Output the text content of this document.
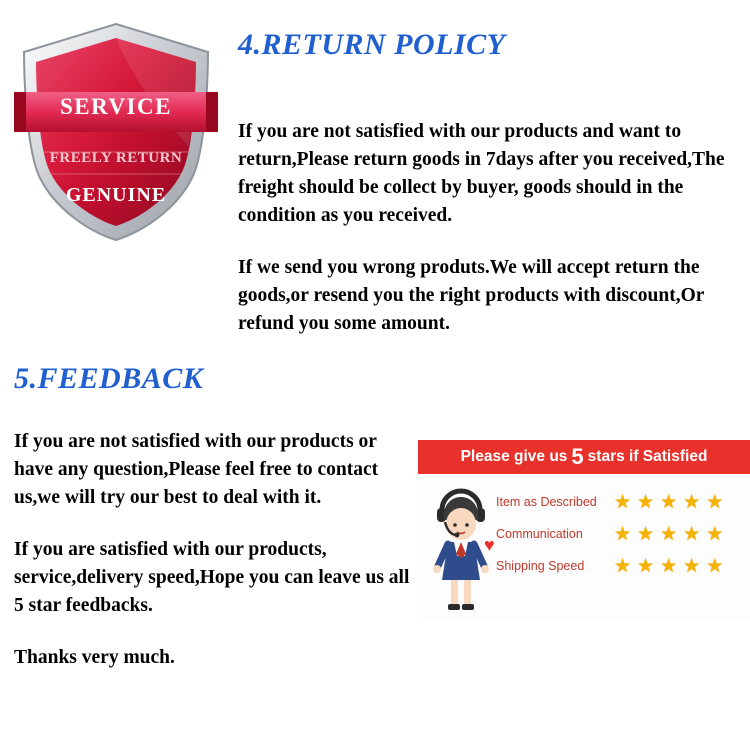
SERVICE
FREELY RETURN
GENUINE
4.RETURN POLICY

If you are not satisfied with our products and want to return,Please return goods in 7days after you received,The freight should be collect by buyer, goods should in the condition as you received.

If we send you wrong produts.We will accept return the goods,or resend you the right products with discount,Or refund you some amount.

5.FEEDBACK

If you are not satisfied with our products or have any question,Please feel free to contact us,we will try our best to deal with it.

If you are satisfied with our products, service,delivery speed,Hope you can leave us all 5 star feedbacks.

Thanks very much.

Please give us 5 stars if Satisfied
♥
Item as Described ★ ★ ★ ★ ★
Communication	★ ★ ★ ★ ★
Shipping Speed	★ ★ ★ ★ ★
